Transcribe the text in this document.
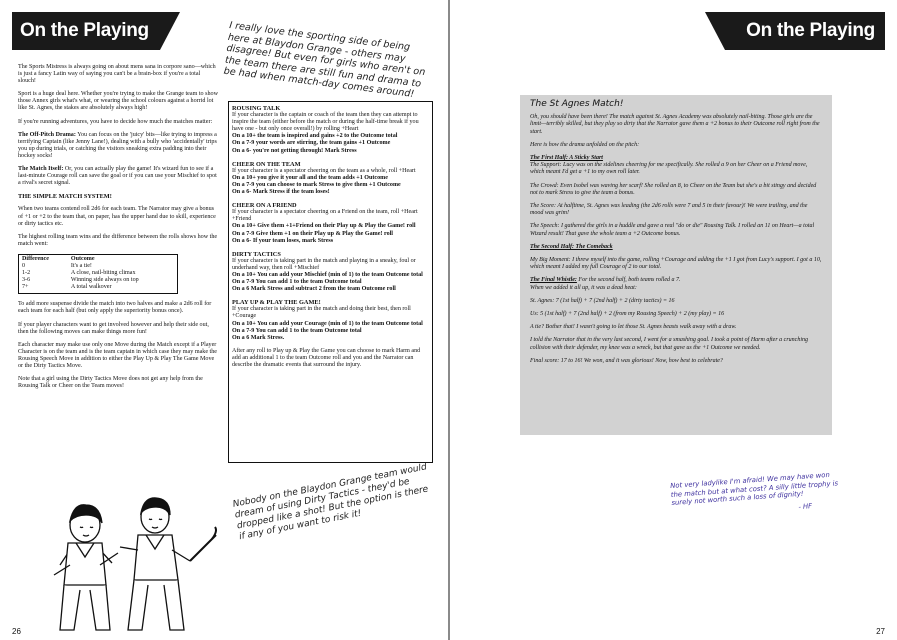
On the Playing Field
I really love the sporting side of being here at Blaydon Grange - others may disagree! But even for girls who aren't on the team there are still fun and drama to be had when match-day comes around!

The Sports Mistress is always going on about mens sana in corpore sano—which is just a fancy Latin way of saying you can't be a brain-box if you're a total slouch!

Sport is a huge deal here. Whether you're trying to make the Grange team to show those Annex girls what's what, or wearing the school colours against a horrid lot like St. Agnes, the stakes are absolutely always high!

If you're running adventures, you have to decide how much the matches matter:

The Off-Pitch Drama: You can focus on the 'juicy' bits—like trying to impress a terrifying Captain (like Jenny Lane!), dealing with a bully who 'accidentally' trips you up during trials, or catching the visitors sneaking extra padding into their hockey socks!

The Match Itself: Or, you can actually play the game! It's wizard fun to see if a last-minute Courage roll can save the goal or if you can use your Mischief to spot a rival's secret signal.

THE SIMPLE MATCH SYSTEM!

When two teams contend roll 2d6 for each team. The Narrator may give a bonus of +1 or +2 to the team that, on paper, has the upper hand due to skill, experience or dirty tactics etc.

The highest rolling team wins and the difference between the rolls shows how the match went:

Difference	Outcome
0	It's a tie!
1-2	A close, nail-biting climax
3-6	Winning side always on top
7+	A total walkover

To add more suspense divide the match into two halves and make a 2d6 roll for each team for each half (but only apply the superiority bonus once).

If your player characters want to get involved however and help their side out, then the following moves can make things more fun!

Each character may make use only one Move during the Match except if a Player Character is on the team and is the team captain in which case they may make the Rousing Speech Move in addition to either the Play Up & Play The Game Move or the Dirty Tactics Move.

Note that a girl using the Dirty Tactics Move does not get any help from the Rousing Talk or Cheer on the Team moves!

ROUSING TALK

If your character is the captain or coach of the team then they can attempt to inspire the team (either before the match or during the half-time break if you have one - but only once overall!) by rolling +Heart

On a 10+ the team is inspired and gains +2 to the Outcome total

On a 7-9 your words are stirring, the team gains +1 Outcome

On a 6- you're not getting through! Mark Stress

CHEER ON THE TEAM

If your character is a spectator cheering on the team as a whole, roll +Heart

On a 10+ you give it your all and the team adds +1 Outcome

On a 7-9 you can choose to mark Stress to give them +1 Outcome

On a 6- Mark Stress if the team loses!

CHEER ON A FRIEND

If your character is a spectator cheering on a Friend on the team, roll +Heart +Friend

On a 10+ Give them +1+Friend on their Play up & Play the Game! roll

On a 7-9 Give them +1 on their Play up & Play the Game! roll

On a 6- If your team loses, mark Stress

DIRTY TACTICS

If your character is taking part in the match and playing in a sneaky, foul or underhand way, then roll +Mischief

On a 10+ You can add your Mischief (min of 1) to the team Outcome total

On a 7-9 You can add 1 to the team Outcome total

On a 6 Mark Stress and subtract 2 from the team Outcome roll

PLAY UP & PLAY THE GAME!

If your character is taking part in the match and doing their best, then roll +Courage

On a 10+ You can add your Courage (min of 1) to the team Outcome total

On a 7-9 You can add 1 to the team Outcome total

On a 6 Mark Stress.

After any roll to Play up & Play the Game you can choose to mark Harm and add an additional 1 to the team Outcome roll and you and the Narrator can describe the dramatic events that surround the injury.

Nobody on the Blaydon Grange team would dream of using Dirty Tactics - they'd be dropped like a shot! But the option is there if any of you want to risk it!
26
On the Playing Field
The St Agnes Match!

Oh, you should have been there! The match against St. Agnes Academy was absolutely nail-biting. Those girls are the limit—terribly skilled, but they play so dirty that the Narrator gave them a +2 bonus to their Outcome roll right from the start.

Here is how the drama unfolded on the pitch:

The First Half: A Sticky Start
The Support: Lucy was on the sidelines cheering for me specifically. She rolled a 9 on her Cheer on a Friend move, which meant I'd get a +1 to my own roll later.

The Crowd: Even Isobel was waving her scarf! She rolled an 8, to Cheer on the Team but she's a bit stingy and decided not to mark Stress to give the team a bonus.

The Score: At halftime, St. Agnes was leading (the 2d6 rolls were 7 and 5 in their favour)! We were trailing, and the mood was grim!

The Speech: I gathered the girls in a huddle and gave a real "do or die" Rousing Talk. I rolled an 11 on Heart—a total Wizard result! That gave the whole team a +2 Outcome bonus.

The Second Half: The Comeback

My Big Moment: I threw myself into the game, rolling +Courage and adding the +1 I got from Lucy's support. I got a 10, which meant I added my full Courage of 2 to our total.

The Final Whistle: For the second half, both teams rolled a 7.
When we added it all up, it was a dead heat:

St. Agnes: 7 (1st half) + 7 (2nd half) + 2 (dirty tactics) = 16

Us: 5 (1st half) + 7 (2nd half) + 2 (from my Rousing Speech) + 2 (my play) = 16

A tie? Bother that! I wasn't going to let those St. Agnes beasts walk away with a draw.

I told the Narrator that in the very last second, I went for a smashing goal. I took a point of Harm after a crunching collision with their defender, my knee was a wreck, but that gave us the +1 Outcome we needed.

Final score: 17 to 16! We won, and it was glorious! Now, how best to celebrate?

Not very ladylike I'm afraid! We may have won the match but at what cost? A silly little trophy is surely not worth such a loss of dignity!
- HF
27
